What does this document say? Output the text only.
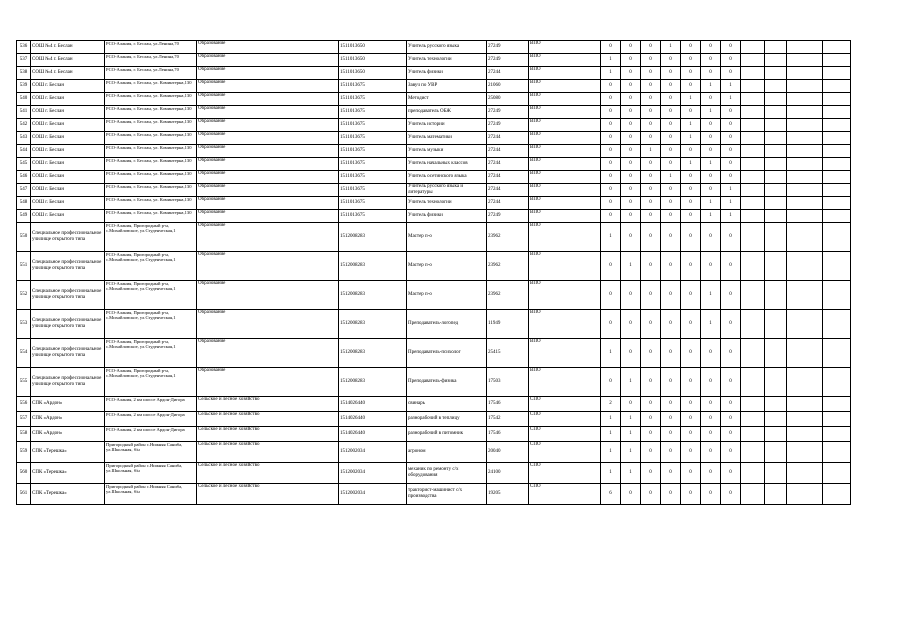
536	СОШ №4 г. Беслан	РСО-Алания, г. Беслан, ул.Ленина,70	Образование	1511013650	Учитель русского языка	27249	ВПО	0	0	0	1	0	0	0				
537	СОШ №4 г. Беслан	РСО-Алания, г. Беслан, ул.Ленина,70	Образование	1511013650	Учитель технологии	27249	ВПО	1	0	0	0	0	0	0				
538	СОШ №4 г. Беслан	РСО-Алания, г. Беслан, ул.Ленина,70	Образование	1511013650	Учитель физики	27244	ВПО	1	0	0	0	0	0	0				
539	СОШ г. Беслан	РСО-Алания, г. Беслан, ул. Коминтерна,130	Образование	1511013675	Завуч по УВР	21060	ВПО	0	0	0	0	0	1	1				
540	СОШ г. Беслан	РСО-Алания, г. Беслан, ул. Коминтерна,130	Образование	1511013675	Методист	25080	ВПО	0	0	0	0	1	0	1				
541	СОШ г. Беслан	РСО-Алания, г. Беслан, ул. Коминтерна,130	Образование	1511013675	преподаватель ОБЖ	27249	ВПО	0	0	0	0	0	1	0				
542	СОШ г. Беслан	РСО-Алания, г. Беслан, ул. Коминтерна,130	Образование	1511013675	Учитель истории	27249	ВПО	0	0	0	0	1	0	0				
543	СОШ г. Беслан	РСО-Алания, г. Беслан, ул. Коминтерна,130	Образование	1511013675	Учитель математики	27244	ВПО	0	0	0	0	1	0	0				
544	СОШ г. Беслан	РСО-Алания, г. Беслан, ул. Коминтерна,130	Образование	1511013675	Учитель музыки	27244	ВПО	0	0	1	0	0	0	0				
545	СОШ г. Беслан	РСО-Алания, г. Беслан, ул. Коминтерна,130	Образование	1511013675	Учитель начальных классов	27244	ВПО	0	0	0	0	1	1	0				
546	СОШ г. Беслан	РСО-Алания, г. Беслан, ул. Коминтерна,130	Образование	1511013675	Учитель осетинского языка	27244	ВПО	0	0	0	1	0	0	0				
547	СОШ г. Беслан	РСО-Алания, г. Беслан, ул. Коминтерна,130	Образование	1511013675	Учитель русского языка и литературы	27244	ВПО	0	0	0	0	0	0	1				
548	СОШ г. Беслан	РСО-Алания, г. Беслан, ул. Коминтерна,130	Образование	1511013675	Учитель технологии	27244	ВПО	0	0	0	0	0	1	1				
549	СОШ г. Беслан	РСО-Алания, г. Беслан, ул. Коминтерна,130	Образование	1511013675	Учитель физики	27249	ВПО	0	0	0	0	0	1	1				
550	Специальное профессиональное училище открытого типа	РСО-Алания, Пригородный р-н, с.Михайловское, ул.Студенческая,1	Образование	1512008283	Мастер п-о	23962	ВПО	1	0	0	0	0	0	0				
551	Специальное профессиональное училище открытого типа	РСО-Алания, Пригородный р-н, с.Михайловское, ул.Студенческая,1	Образование	1512008283	Мастер п-о	23962	ВПО	0	1	0	0	0	0	0				
552	Специальное профессиональное училище открытого типа	РСО-Алания, Пригородный р-н, с.Михайловское, ул.Студенческая,1	Образование	1512008283	Мастер п-о	23962	ВПО	0	0	0	0	0	1	0				
553	Специальное профессиональное училище открытого типа	РСО-Алания, Пригородный р-н, с.Михайловское, ул.Студенческая,1	Образование	1512008283	Преподаватель-логопед	11949	ВПО	0	0	0	0	0	1	0				
554	Специальное профессиональное училище открытого типа	РСО-Алания, Пригородный р-н, с.Михайловское, ул.Студенческая,1	Образование	1512008283	Преподаватель-психолог	25415	ВПО	1	0	0	0	0	0	0				
555	Специальное профессиональное училище открытого типа	РСО-Алания, Пригородный р-н, с.Михайловское, ул.Студенческая,1	Образование	1512008283	Преподаватель-физика	17503	ВПО	0	1	0	0	0	0	0				
556	СПК «Ардон»	РСО-Алания, 2 км шоссе Ардон-Дигора	Сельское и лесное хозяйство	1514026440	свинарь	17546	СПО	2	0	0	0	0	0	0				
557	СПК «Ардон»	РСО-Алания, 2 км шоссе Ардон-Дигора	Сельское и лесное хозяйство	1514026440	разнорабочий в теплицу	17542	СПО	1	1	0	0	0	0	0				
558	СПК «Ардон»	РСО-Алания, 2 км шоссе Ардон-Дигора	Сельское и лесное хозяйство	1514026440	разнорабочий в питомник	17546	СПО	1	1	0	0	0	0	0				
559	СПК «Терешка»	Пригородный район с.Нижняя Саниба, ул.Школьная, б/н	Сельское и лесное хозяйство	1512002034	агроном	20040	СПО	1	1	0	0	0	0	0				
560	СПК «Терешка»	Пригородный район с.Нижняя Саниба, ул.Школьная, б/н	Сельское и лесное хозяйство	1512002034	механик по ремонту с/х оборудования	24100	СПО	1	1	0	0	0	0	0				
561	СПК «Терешка»	Пригородный район с.Нижняя Саниба, ул.Школьная, б/н	Сельское и лесное хозяйство	1512002034	тракторист-машинист с/х производства	19205	СПО	6	0	0	0	0	0	0				
